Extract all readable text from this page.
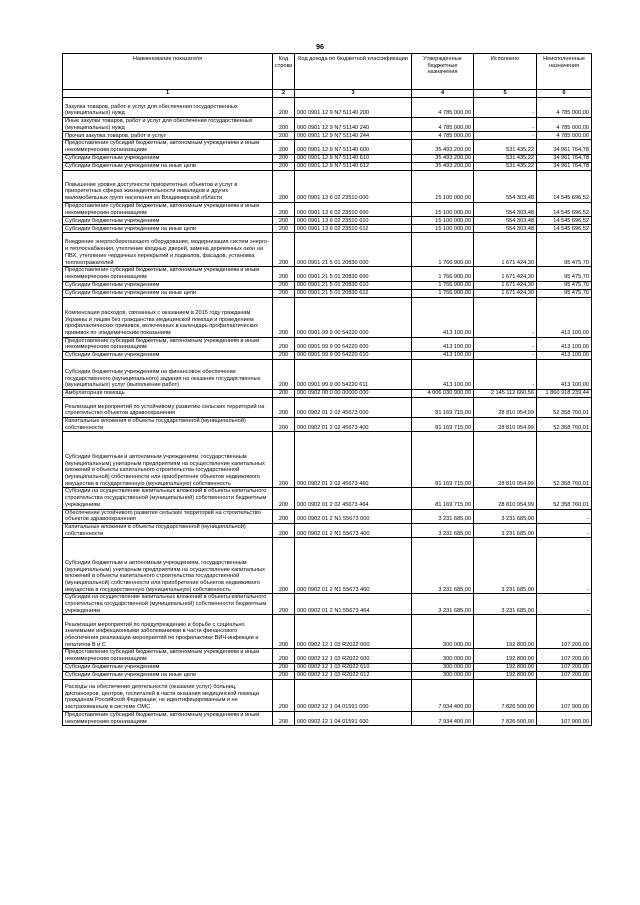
96
Наименование показателя	Код строки	Код дохода по бюджетной классификации	Утвержденные бюджетные назначения	Исполнено	Неисполненные назначения
1	2	3	4	5	6
Закупка товаров, работ и услуг для обеспечения государственных (муниципальных) нужд	200	000 0901 12 9 N7 51140 200	4 785 000,00	-	4 785 000,00
Иные закупки товаров, работ и услуг для обеспечения государственных (муниципальных) нужд	200	000 0901 12 9 N7 51140 240	4 785 000,00	-	4 785 000,00
Прочая закупка товаров, работ и услуг	200	000 0901 12 9 N7 51140 244	4 785 000,00	-	4 785 000,00
Предоставление субсидий бюджетным, автономным учреждениям и иным некоммерческим организациям	200	000 0901 12 9 N7 51140 600	35 493 200,00	531 435,22	34 961 764,78
Субсидии бюджетным учреждениям	200	000 0901 12 9 N7 51140 610	35 493 200,00	531 435,22	34 961 764,78
Субсидии бюджетным учреждениям на иные цели	200	000 0901 12 9 N7 51140 612	35 493 200,00	531 435,22	34 961 764,78
Повышение уровня доступности приоритетных объектов и услуг в приоритетных сферах жизнедеятельности инвалидов и других маломобильных групп населения во Владимирской области	200	000 0901 13 6 02 23510 000	15 100 000,00	554 303,48	14 545 696,52
Предоставление субсидий бюджетным, автономным учреждениям и иным некоммерческим организациям	200	000 0901 13 6 02 23510 600	15 100 000,00	554 303,48	14 545 696,52
Субсидии бюджетным учреждениям	200	000 0901 13 6 02 23510 610	15 100 000,00	554 303,48	14 545 696,52
Субсидии бюджетным учреждениям на иные цели	200	000 0901 13 6 02 23510 612	15 100 000,00	554 303,48	14 545 696,52
Внедрение энергосберегающего оборудования, модернизация систем энерго- и теплоснабжения, утепление входных дверей, замена деревянных окон на ПВХ, утепление чердачных перекрытий и подвалов, фасадов, установка теплоотражателей	200	000 0901 21 5 01 20830 000	1 766 900,00	1 671 424,30	95 475,70
Предоставление субсидий бюджетным, автономным учреждениям и иным некоммерческим организациям	200	000 0901 21 5 01 20830 600	1 766 900,00	1 671 424,30	95 475,70
Субсидии бюджетным учреждениям	200	000 0901 21 5 01 20830 610	1 766 900,00	1 671 424,30	95 475,70
Субсидии бюджетным учреждениям на иные цели	200	000 0901 21 5 01 20830 612	1 766 900,00	1 671 424,30	95 475,70
Компенсация расходов, связанных с оказанием в 2015 году гражданам Украины и лицам без гражданства медицинской помощи и проведением профилактических прививок, включенных в календарь профилактических прививок по эпидемическим показаниям	200	000 0901 99 9 00 54220 000	413 100,00	-	413 100,00
Предоставление субсидий бюджетным, автономным учреждениям и иным некоммерческим организациям	200	000 0901 99 9 00 54220 600	413 100,00	-	413 100,00
Субсидии бюджетным учреждениям	200	000 0901 99 9 00 54220 610	413 100,00	-	413 100,00
Субсидии бюджетным учреждениям на финансовое обеспечение государственного (муниципального) задания на оказание государственных (муниципальных) услуг (выполнение работ)	200	000 0901 99 9 00 54220 611	413 100,00	-	413 100,00
Амбулаторная помощь	200	000 0902 00 0 00 00000 000	4 006 030 900,00	2 145 112 660,56	1 860 918 239,44
Реализация мероприятий по устойчивому развитию сельских территорий на строительство объектов здравоохранения	200	000 0902 01 2 02 45673 000	81 169 715,00	28 810 954,99	52 358 760,01
Капитальные вложения в объекты государственной (муниципальной) собственности	200	000 0902 01 2 02 45673 400	81 169 715,00	28 810 954,99	52 358 760,01
Субсидии бюджетным и автономным учреждениям, государственным (муниципальным) унитарным предприятиям на осуществление капитальных вложений в объекты капитального строительства государственной (муниципальной) собственности или приобретение объектов недвижимого имущества в государственную (муниципальную) собственность	200	000 0902 01 2 02 45673 460	81 169 715,00	28 810 954,99	52 358 760,01
Субсидии на осуществление капитальных вложений в объекты капитального строительства государственной (муниципальной) собственности бюджетным учреждениям	200	000 0902 01 2 02 45673 464	81 169 715,00	28 810 954,99	52 358 760,01
Обеспечение устойчивого развития сельских территорий на строительство объектов здравоохранения	200	000 0902 01 2 N1 55673 000	3 231 685,00	3 231 685,00	-
Капитальные вложения в объекты государственной (муниципальной) собственности	200	000 0902 01 2 N1 55673 400	3 231 685,00	3 231 685,00	-
Субсидии бюджетным и автономным учреждениям, государственным (муниципальным) унитарным предприятиям на осуществление капитальных вложений в объекты капитального строительства государственной (муниципальной) собственности или приобретение объектов недвижимого имущества в государственную (муниципальную) собственность	200	000 0902 01 2 N1 55673 460	3 231 685,00	3 231 685,00	-
Субсидии на осуществление капитальных вложений в объекты капитального строительства государственной (муниципальной) собственности бюджетным учреждениям	200	000 0902 01 2 N1 55673 464	3 231 685,00	3 231 685,00	-
Реализация мероприятий по предупреждению и борьбе с социально значимыми инфекционными заболеваниями в части финансового обеспечения реализации мероприятий по профилактике ВИЧ-инфекции и гепатитов В и С	200	000 0902 12 1 03 R2022 000	300 000,00	192 800,00	107 200,00
Предоставление субсидий бюджетным, автономным учреждениям и иным некоммерческим организациям	200	000 0902 12 1 03 R2022 600	300 000,00	192 800,00	107 200,00
Субсидии бюджетным учреждениям	200	000 0902 12 1 03 R2022 610	300 000,00	192 800,00	107 200,00
Субсидии бюджетным учреждениям на иные цели	200	000 0902 12 1 03 R2022 612	300 000,00	192 800,00	107 200,00
Расходы на обеспечение деятельности (оказание услуг) больниц, диспансеров, центров, госпиталей в части оказания медицинской помощи гражданам Российской Федерации, не идентифицированным и не застрахованным в системе ОМС	200	000 0902 12 1 04 01591 000	7 934 400,00	7 826 500,00	107 900,00
Предоставление субсидий бюджетным, автономным учреждениям и иным некоммерческим организациям	200	000 0902 12 1 04 01591 600	7 934 400,00	7 826 500,00	107 900,00
